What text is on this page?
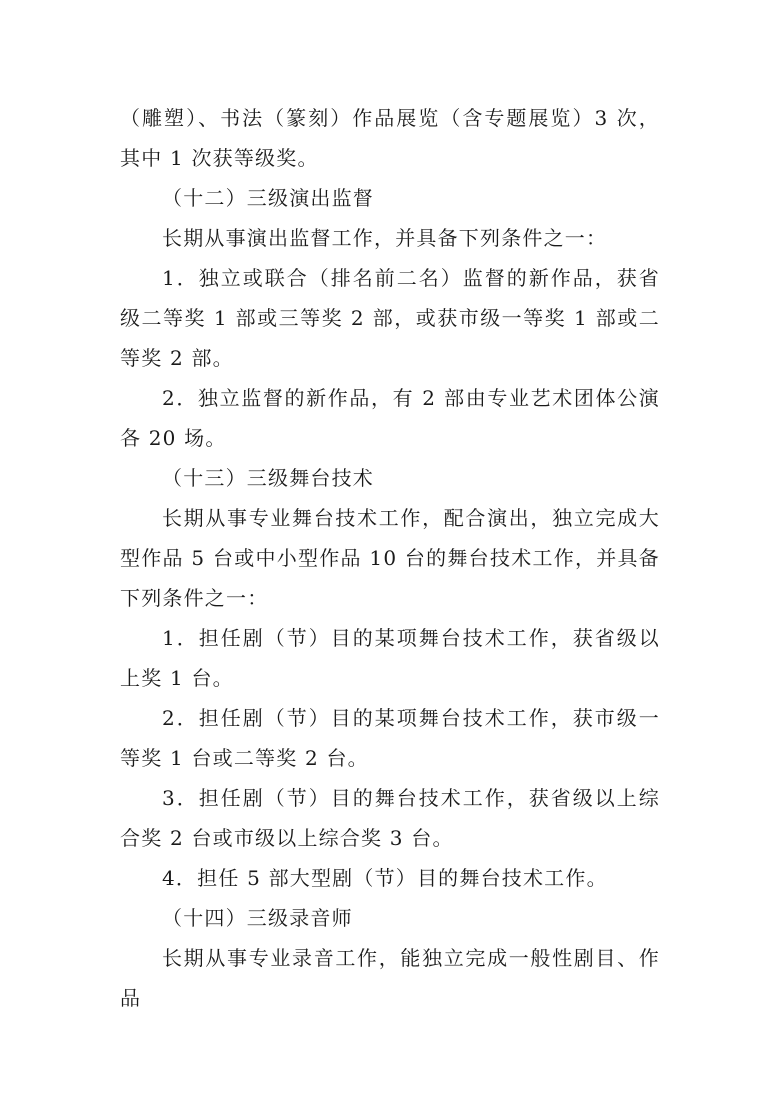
（雕塑）、书法（篆刻）作品展览（含专题展览）3 次，其中 1 次获等级奖。

（十二）三级演出监督

长期从事演出监督工作，并具备下列条件之一：

1．独立或联合（排名前二名）监督的新作品，获省级二等奖 1 部或三等奖 2 部，或获市级一等奖 1 部或二等奖 2 部。

2．独立监督的新作品，有 2 部由专业艺术团体公演各 20 场。

（十三）三级舞台技术

长期从事专业舞台技术工作，配合演出，独立完成大型作品 5 台或中小型作品 10 台的舞台技术工作，并具备下列条件之一：

1．担任剧（节）目的某项舞台技术工作，获省级以上奖 1 台。

2．担任剧（节）目的某项舞台技术工作，获市级一等奖 1 台或二等奖 2 台。

3．担任剧（节）目的舞台技术工作，获省级以上综合奖 2 台或市级以上综合奖 3 台。

4．担任 5 部大型剧（节）目的舞台技术工作。

（十四）三级录音师

长期从事专业录音工作，能独立完成一般性剧目、作品
